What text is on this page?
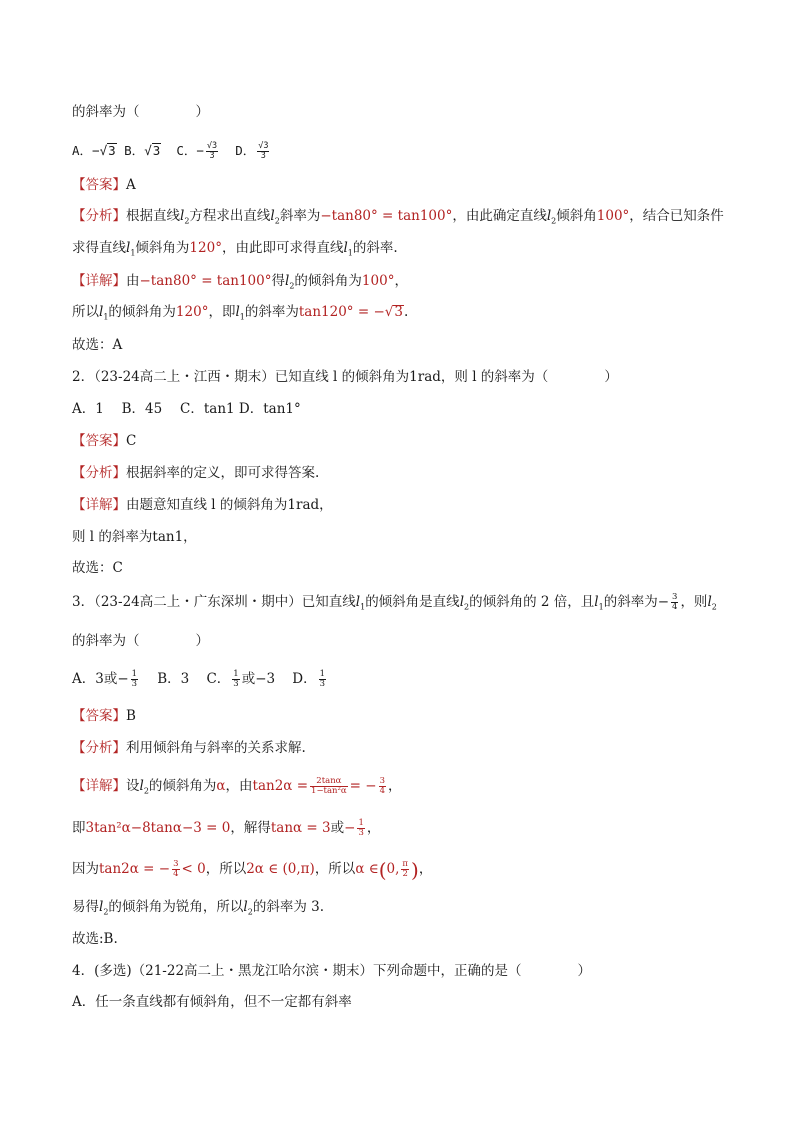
的斜率为（	）
A．−√3 B．√3 C．− $\frac{√3}{3}$ D． $\frac{√3}{3}$
【答案】A
【分析】根据直线$l_2$方程求出直线$l_2$斜率为−tan80° = tan100°，由此确定直线$l_2$倾斜角100°，结合已知条件
求得直线$l_1$倾斜角为120°，由此即可求得直线$l_1$的斜率.
【详解】由−tan80° = tan100°得$l_2$的倾斜角为100°，
所以$l_1$的倾斜角为120°，即$l_1$的斜率为tan120° = −√3.
故选：A
2．（23-24高二上・江西・期末）已知直线 l 的倾斜角为1rad，则 l 的斜率为（	）
A．1　 B．45　 C．tan1 D．tan1°
【答案】C
【分析】根据斜率的定义，即可求得答案.
【详解】由题意知直线 l 的倾斜角为1rad，
则 l 的斜率为tan1，
故选：C
3．（23-24高二上・广东深圳・期中）已知直线$l_1$的倾斜角是直线$l_2$的倾斜角的 2 倍，且$l_1$的斜率为− $\frac{3}{4}$ ，则$l_2$
的斜率为（	）
A．3或− $\frac{1}{3}$ B．3 C． $\frac{1}{3}$ 或−3 D． $\frac{1}{3}$
【答案】B
【分析】利用倾斜角与斜率的关系求解.
【详解】设$l_2$的倾斜角为α，由$\tan 2\alpha = \frac{2\tan\alpha}{\text{1−tan²α}}$ = − $\frac{3}{4}$ ，
即3tan²α−8tanα−3 = 0，解得tanα = 3或− $\frac{1}{3}$ ，
因为tan2α = − $\frac{3}{4} < 0$，所以2α ∈ (0,π)，所以α ∈(0, $\frac{\pi}{2}$ )，
易得$l_2$的倾斜角为锐角，所以$l_2$的斜率为 3.
故选:B.
4．(多选)（21-22高二上・黑龙江哈尔滨・期末）下列命题中，正确的是（	）
A．任一条直线都有倾斜角，但不一定都有斜率
